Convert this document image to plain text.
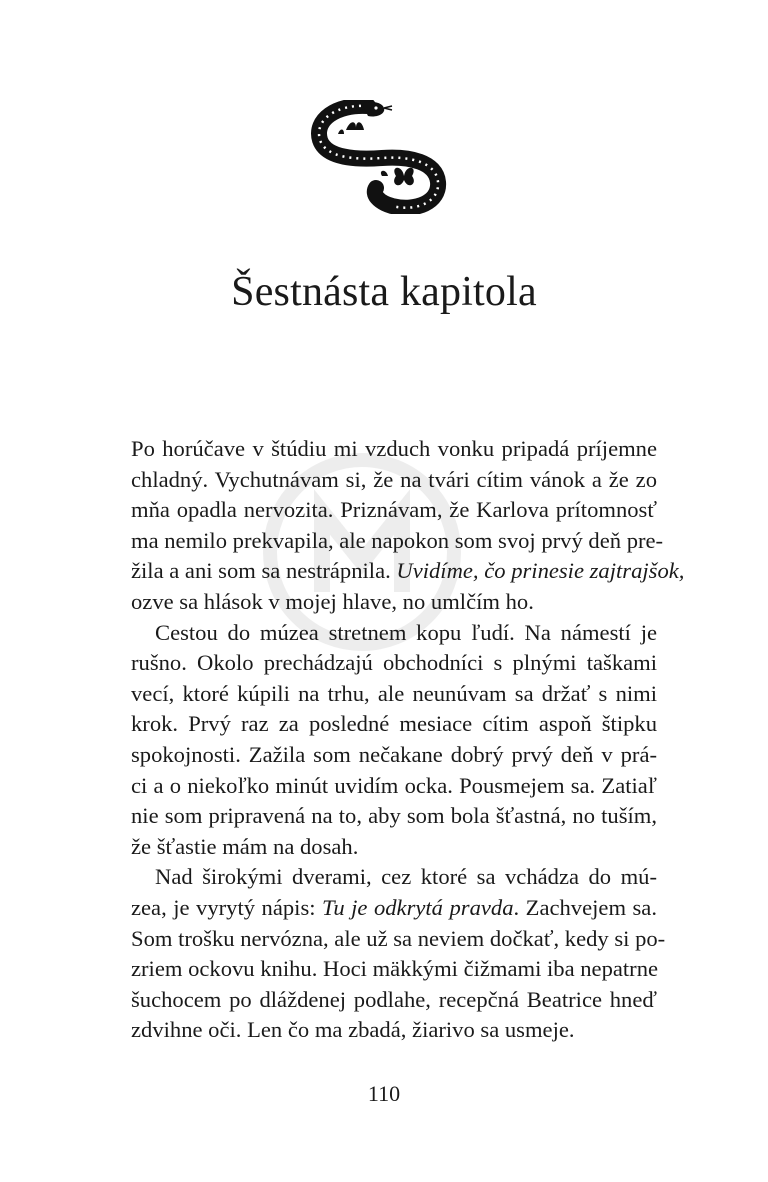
Šestnásta kapitola

Po horúčave v štúdiu mi vzduch vonku pripadá príjemne
chladný. Vychutnávam si, že na tvári cítim vánok a že zo
mňa opadla nervozita. Priznávam, že Karlova prítomnosť
ma nemilo prekvapila, ale napokon som svoj prvý deň pre-
žila a ani som sa nestrápnila. Uvidíme, čo prinesie zajtrajšok,
ozve sa hlások v mojej hlave, no umlčím ho.

Cestou do múzea stretnem kopu ľudí. Na námestí je
rušno. Okolo prechádzajú obchodníci s plnými taškami
vecí, ktoré kúpili na trhu, ale neunúvam sa držať s nimi
krok. Prvý raz za posledné mesiace cítim aspoň štipku
spokojnosti. Zažila som nečakane dobrý prvý deň v prá-
ci a o niekoľko minút uvidím ocka. Pousmejem sa. Zatiaľ
nie som pripravená na to, aby som bola šťastná, no tuším,
že šťastie mám na dosah.

Nad širokými dverami, cez ktoré sa vchádza do mú-
zea, je vyrytý nápis: Tu je odkrytá pravda. Zachvejem sa.
Som trošku nervózna, ale už sa neviem dočkať, kedy si po-
zriem ockovu knihu. Hoci mäkkými čižmami iba nepatrne
šuchocem po dláždenej podlahe, recepčná Beatrice hneď
zdvihne oči. Len čo ma zbadá, žiarivo sa usmeje.

110
